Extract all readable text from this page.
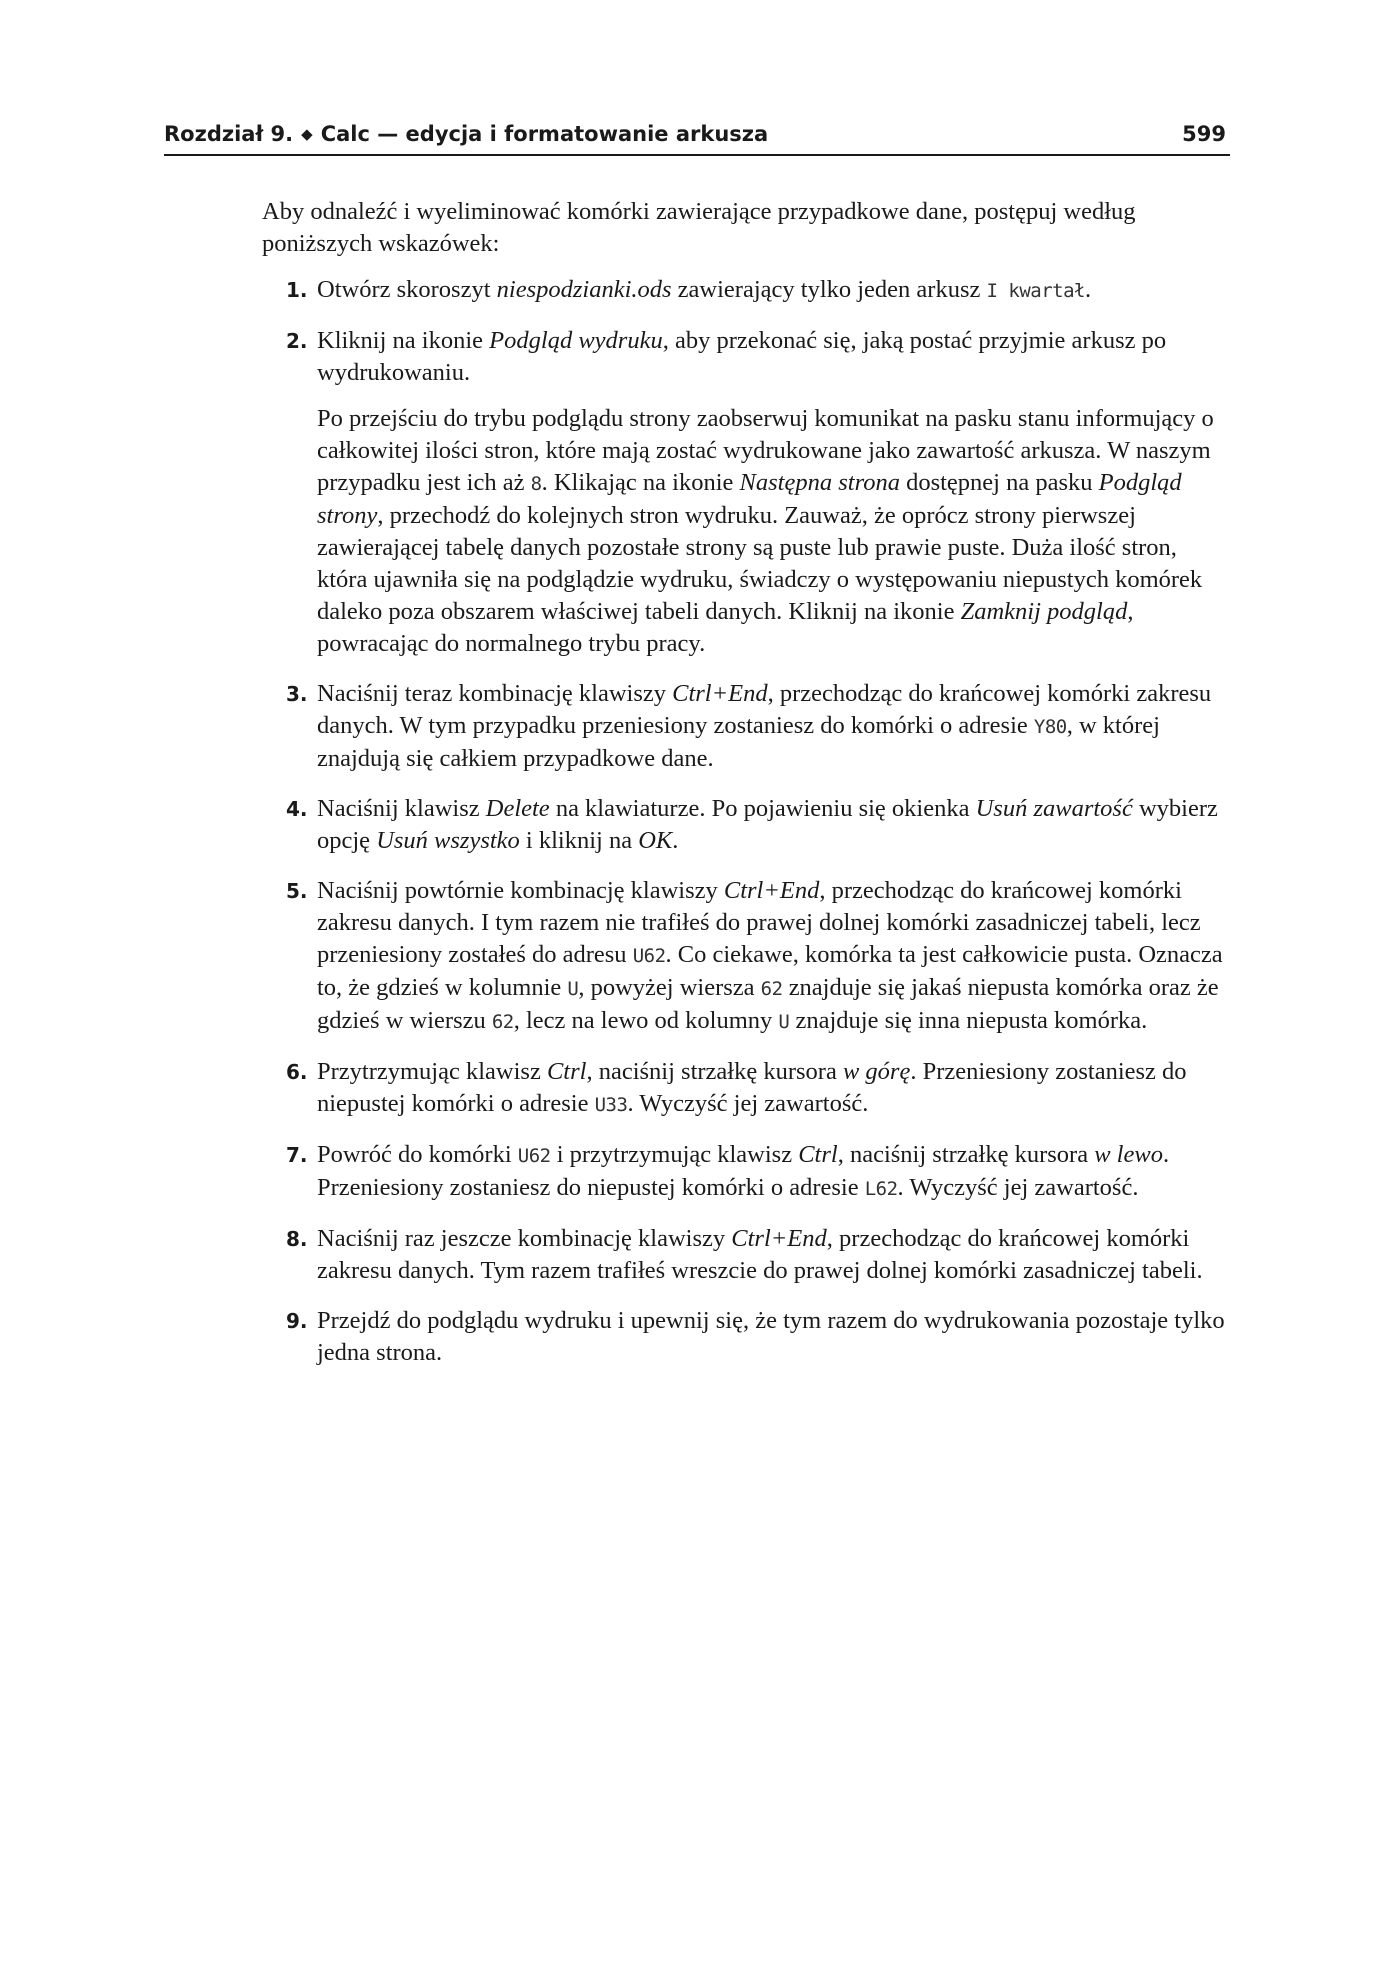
Rozdział 9. ◆ Calc — edycja i formatowanie arkusza	599

Aby odnaleźć i wyeliminować komórki zawierające przypadkowe dane, postępuj według poniższych wskazówek:

1. Otwórz skoroszyt niespodzianki.ods zawierający tylko jeden arkusz I kwartał.

2. Kliknij na ikonie Podgląd wydruku, aby przekonać się, jaką postać przyjmie arkusz po wydrukowaniu.

Po przejściu do trybu podglądu strony zaobserwuj komunikat na pasku stanu informujący o całkowitej ilości stron, które mają zostać wydrukowane jako zawartość arkusza. W naszym przypadku jest ich aż 8. Klikając na ikonie Następna strona dostępnej na pasku Podgląd strony, przechodź do kolejnych stron wydruku. Zauważ, że oprócz strony pierwszej zawierającej tabelę danych pozostałe strony są puste lub prawie puste. Duża ilość stron, która ujawniła się na podglądzie wydruku, świadczy o występowaniu niepustych komórek daleko poza obszarem właściwej tabeli danych. Kliknij na ikonie Zamknij podgląd, powracając do normalnego trybu pracy.

3. Naciśnij teraz kombinację klawiszy Ctrl+End, przechodząc do krańcowej komórki zakresu danych. W tym przypadku przeniesiony zostaniesz do komórki o adresie Y80, w której znajdują się całkiem przypadkowe dane.

4. Naciśnij klawisz Delete na klawiaturze. Po pojawieniu się okienka Usuń zawartość wybierz opcję Usuń wszystko i kliknij na OK.

5. Naciśnij powtórnie kombinację klawiszy Ctrl+End, przechodząc do krańcowej komórki zakresu danych. I tym razem nie trafiłeś do prawej dolnej komórki zasadniczej tabeli, lecz przeniesiony zostałeś do adresu U62. Co ciekawe, komórka ta jest całkowicie pusta. Oznacza to, że gdzieś w kolumnie U, powyżej wiersza 62 znajduje się jakaś niepusta komórka oraz że gdzieś w wierszu 62, lecz na lewo od kolumny U znajduje się inna niepusta komórka.

6. Przytrzymując klawisz Ctrl, naciśnij strzałkę kursora w górę. Przeniesiony zostaniesz do niepustej komórki o adresie U33. Wyczyść jej zawartość.

7. Powróć do komórki U62 i przytrzymując klawisz Ctrl, naciśnij strzałkę kursora w lewo. Przeniesiony zostaniesz do niepustej komórki o adresie L62. Wyczyść jej zawartość.

8. Naciśnij raz jeszcze kombinację klawiszy Ctrl+End, przechodząc do krańcowej komórki zakresu danych. Tym razem trafiłeś wreszcie do prawej dolnej komórki zasadniczej tabeli.

9. Przejdź do podglądu wydruku i upewnij się, że tym razem do wydrukowania pozostaje tylko jedna strona.
